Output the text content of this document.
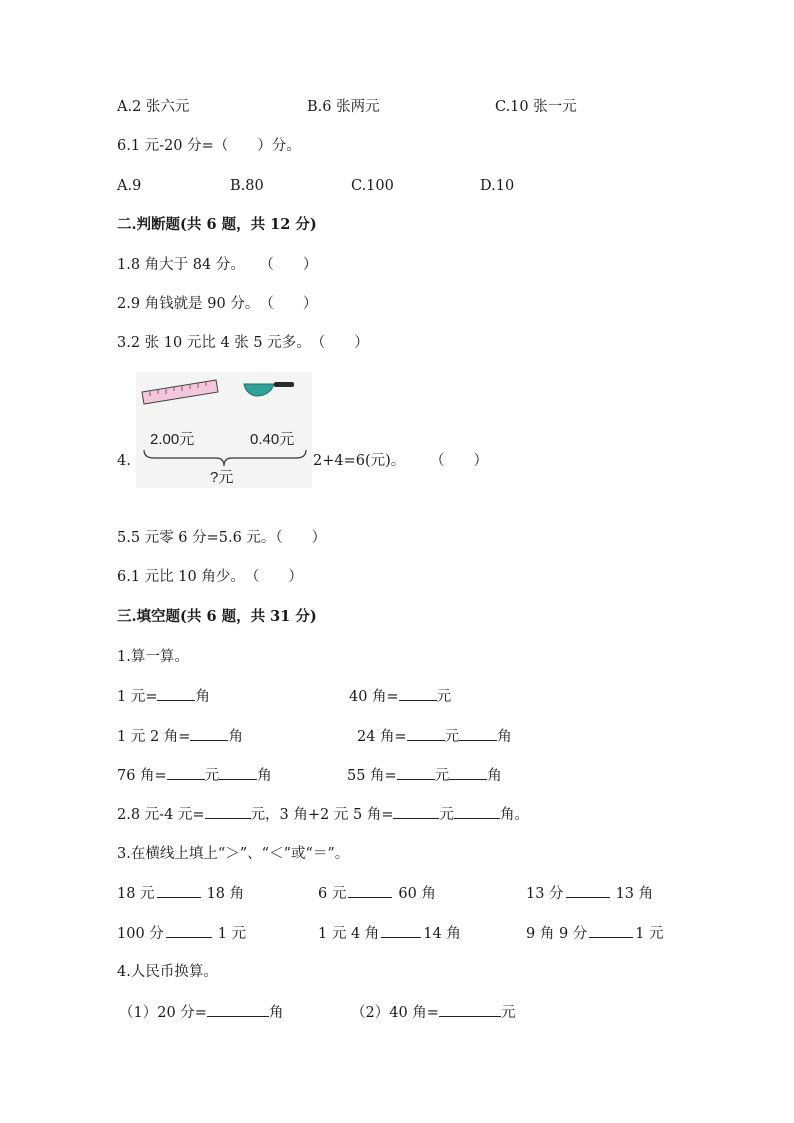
A.2 张六元	B.6 张两元	C.10 张一元
6.1 元-20 分=（　　）分。
A.9	B.80	C.100	D.10
二.判断题(共 6 题，共 12 分)
1.8 角大于 84 分。　　（　　）
2.9 角钱就是 90 分。　（　　）
3.2 张 10 元比 4 张 5 元多。　（　　）
4.
2.00元	0.40元
?元
2+4=6(元)。 （　　）
5.5 元零 6 分=5.6 元。（　　）
6.1 元比 10 角少。　（　　）
三.填空题(共 6 题，共 31 分)
1.算一算。
1 元=	角	40 角=	元
1 元 2 角=	角	24 角=	元	角
76 角=	元	角	55 角=	元	角
2.8 元-4 元=	元，3 角+2 元 5 角=	元	角。
3.在横线上填上“＞”、“＜”或“＝”。
18 元	18 角	6 元	60 角	13 分	13 角
100 分	1 元	1 元 4 角	14 角	9 角 9 分	1 元
4.人民币换算。
（1）20 分=	角	（2）40 角=	元
